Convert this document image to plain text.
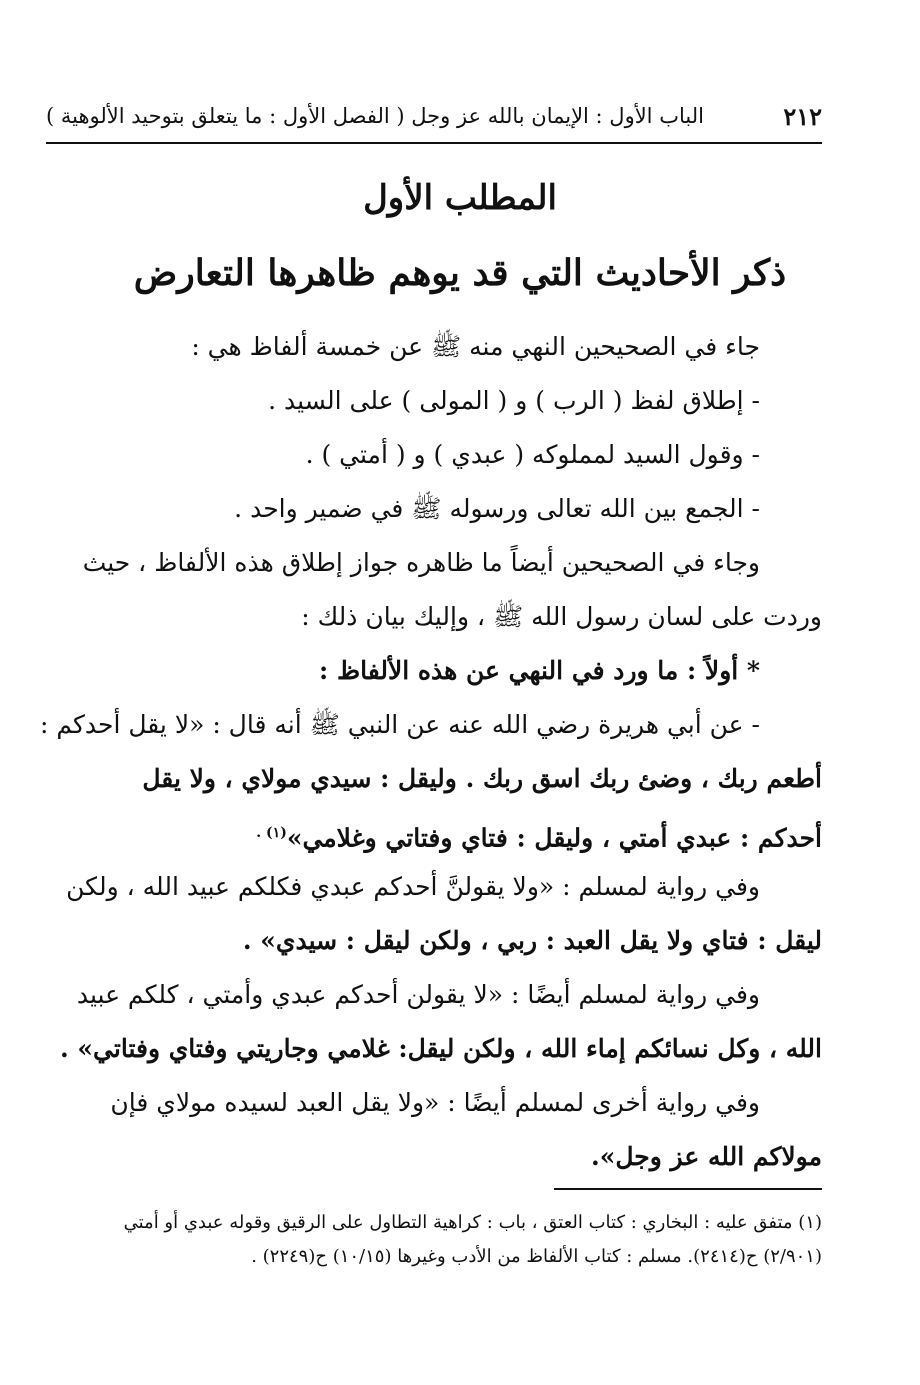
٢١٢
الباب الأول : الإيمان بالله عز وجل ( الفصل الأول : ما يتعلق بتوحيد الألوهية )
المطلب الأول
ذكر الأحاديث التي قد يوهم ظاهرها التعارض

جاء في الصحيحين النهي منه ﷺ عن خمسة ألفاظ هي :

- إطلاق لفظ ( الرب ) و ( المولى ) على السيد .

- وقول السيد لمملوكه ( عبدي ) و ( أمتي ) .

- الجمع بين الله تعالى ورسوله ﷺ في ضمير واحد .

وجاء في الصحيحين أيضاً ما ظاهره جواز إطلاق هذه الألفاظ ، حيث

وردت على لسان رسول الله ﷺ ، وإليك بيان ذلك :

* أولاً : ما ورد في النهي عن هذه الألفاظ :

- عن أبي هريرة رضي الله عنه عن النبي ﷺ أنه قال : «لا يقل أحدكم :

أطعم ربك ، وضئ ربك اسق ربك . وليقل : سيدي مولاي ، ولا يقل

أحدكم : عبدي أمتي ، وليقل : فتاي وفتاتي وغلامي»$^{(١) .}$

وفي رواية لمسلم : «ولا يقولنَّ أحدكم عبدي فكلكم عبيد الله ، ولكن

ليقل : فتاي ولا يقل العبد : ربي ، ولكن ليقل : سيدي» .

وفي رواية لمسلم أيضًا : «لا يقولن أحدكم عبدي وأمتي ، كلكم عبيد

الله ، وكل نسائكم إماء الله ، ولكن ليقل: غلامي وجاريتي وفتاي وفتاتي» .

وفي رواية أخرى لمسلم أيضًا : «ولا يقل العبد لسيده مولاي فإن

مولاكم الله عز وجل».

(١) متفق عليه : البخاري : كتاب العتق ، باب : كراهية التطاول على الرقيق وقوله عبدي أو أمتي

(٢/٩٠١) ح(٢٤١٤). مسلم : كتاب الألفاظ من الأدب وغيرها (١٠/١٥) ح(٢٢٤٩) .
